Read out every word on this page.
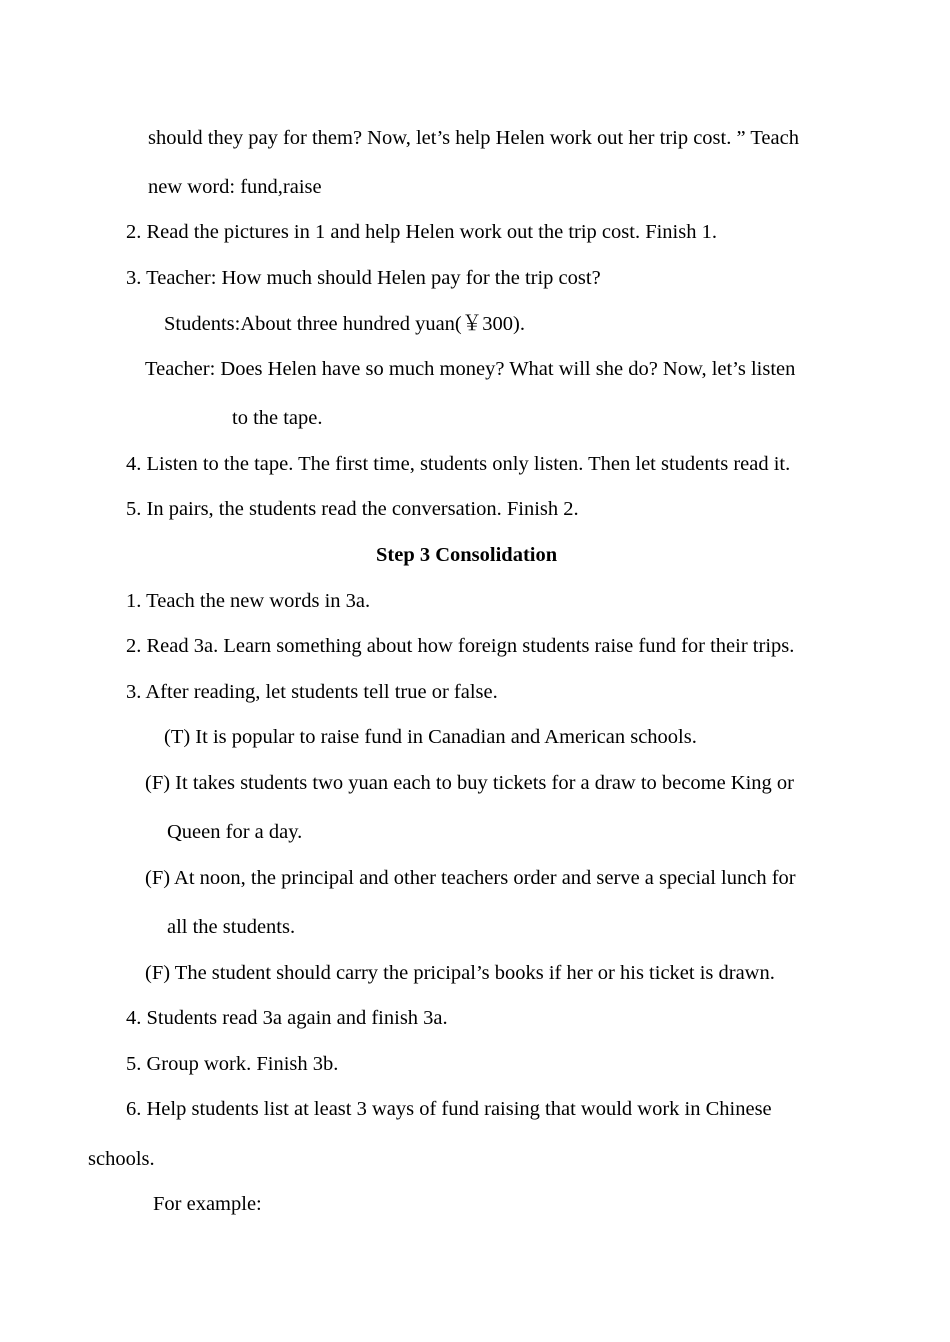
should they pay for them? Now, let’s help Helen work out her trip cost. ” Teach
new word: fund,raise
2. Read the pictures in 1 and help Helen work out the trip cost. Finish 1.
3. Teacher: How much should Helen pay for the trip cost?
Students:About three hundred yuan(￥300).
Teacher: Does Helen have so much money? What will she do? Now, let’s listen
to the tape.
4. Listen to the tape. The first time, students only listen. Then let students read it.
5. In pairs, the students read the conversation. Finish 2.
Step 3 Consolidation
1. Teach the new words in 3a.
2. Read 3a. Learn something about how foreign students raise fund for their trips.
3. After reading, let students tell true or false.
(T) It is popular to raise fund in Canadian and American schools.
(F) It takes students two yuan each to buy tickets for a draw to become King or
Queen for a day.
(F) At noon, the principal and other teachers order and serve a special lunch for
all the students.
(F) The student should carry the pricipal’s books if her or his ticket is drawn.
4. Students read 3a again and finish 3a.
5. Group work. Finish 3b.
6. Help students list at least 3 ways of fund raising that would work in Chinese
schools.
For example:
